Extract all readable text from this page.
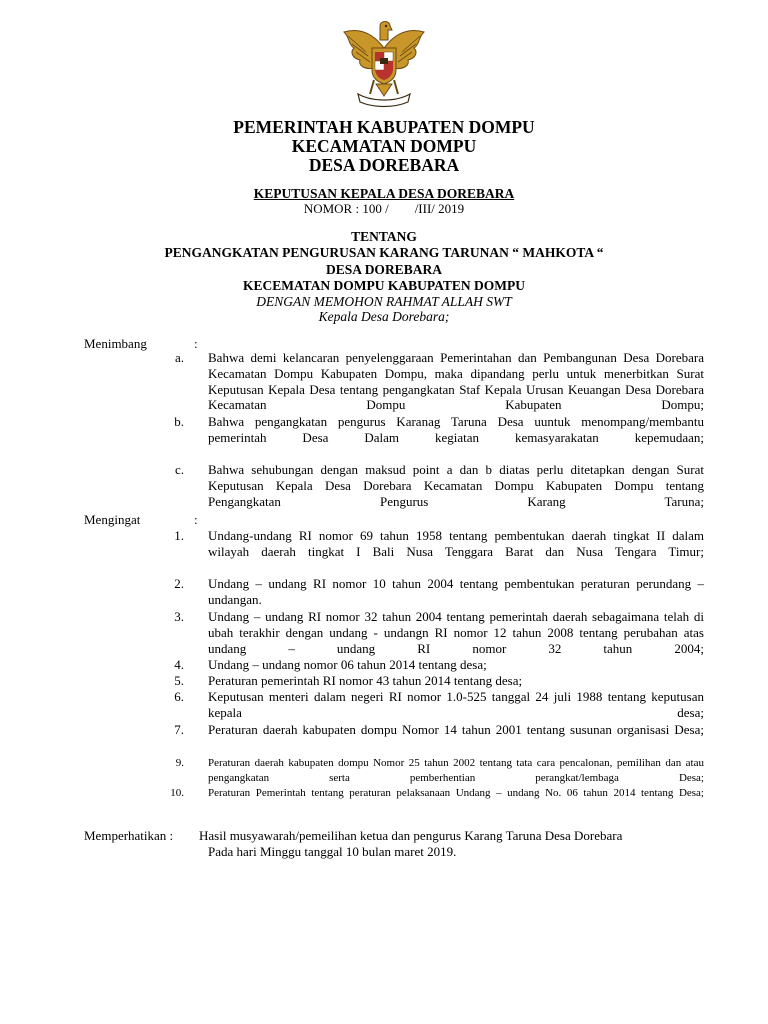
PEMERINTAH KABUPATEN DOMPU
KECAMATAN DOMPU
DESA DOREBARA
KEPUTUSAN KEPALA DESA DOREBARA
NOMOR : 100 /        /III/ 2019
TENTANG
PENGANGKATAN PENGURUSAN KARANG TARUNAN “ MAHKOTA “
DESA DOREBARA
KECEMATAN DOMPU KABUPATEN DOMPU
DENGAN MEMOHON RAHMAT ALLAH SWT
Kepala Desa Dorebara;
Menimbang	:
a. Bahwa demi kelancaran penyelenggaraan Pemerintahan dan Pembangunan Desa Dorebara Kecamatan Dompu Kabupaten Dompu, maka dipandang perlu untuk menerbitkan Surat Keputusan Kepala Desa tentang pengangkatan Staf Kepala Urusan Keuangan Desa Dorebara Kecamatan Dompu Kabupaten Dompu;
b. Bahwa pengangkatan pengurus Karanag Taruna Desa uuntuk menompang/membantu pemerintah Desa Dalam kegiatan kemasyarakatan kepemudaan;
c. Bahwa sehubungan dengan maksud point a dan b diatas perlu ditetapkan dengan Surat Keputusan Kepala Desa Dorebara Kecamatan Dompu Kabupaten Dompu tentang Pengangkatan Pengurus Karang Taruna;
Mengingat	:
1. Undang-undang RI nomor 69 tahun 1958 tentang pembentukan daerah tingkat II dalam wilayah daerah tingkat I Bali Nusa Tenggara Barat dan Nusa Tengara Timur;
2. Undang – undang RI nomor 10 tahun 2004 tentang pembentukan peraturan perundang – undangan.
3. Undang – undang RI nomor 32 tahun 2004 tentang pemerintah daerah sebagaimana telah di ubah terakhir dengan undang - undangn RI nomor 12 tahun 2008 tentang perubahan atas undang – undang RI nomor 32 tahun 2004;
4. Undang – undang nomor 06 tahun 2014 tentang desa;
5. Peraturan pemerintah RI nomor 43 tahun 2014 tentang desa;
6. Keputusan menteri dalam negeri RI nomor 1.0-525 tanggal 24 juli 1988 tentang keputusan kepala desa;
7. Peraturan daerah kabupaten dompu Nomor 14 tahun 2001 tentang susunan organisasi Desa;
9. Peraturan daerah kabupaten dompu Nomor 25 tahun 2002 tentang tata cara pencalonan, pemilihan dan atau pengangkatan serta pemberhentian perangkat/lembaga Desa;
10. Peraturan Pemerintah tentang peraturan pelaksanaan Undang – undang No. 06 tahun 2014 tentang Desa;
Memperhatikan : Hasil musyawarah/pemeilihan ketua dan pengurus Karang Taruna Desa Dorebara
Pada hari Minggu tanggal 10 bulan maret 2019.
